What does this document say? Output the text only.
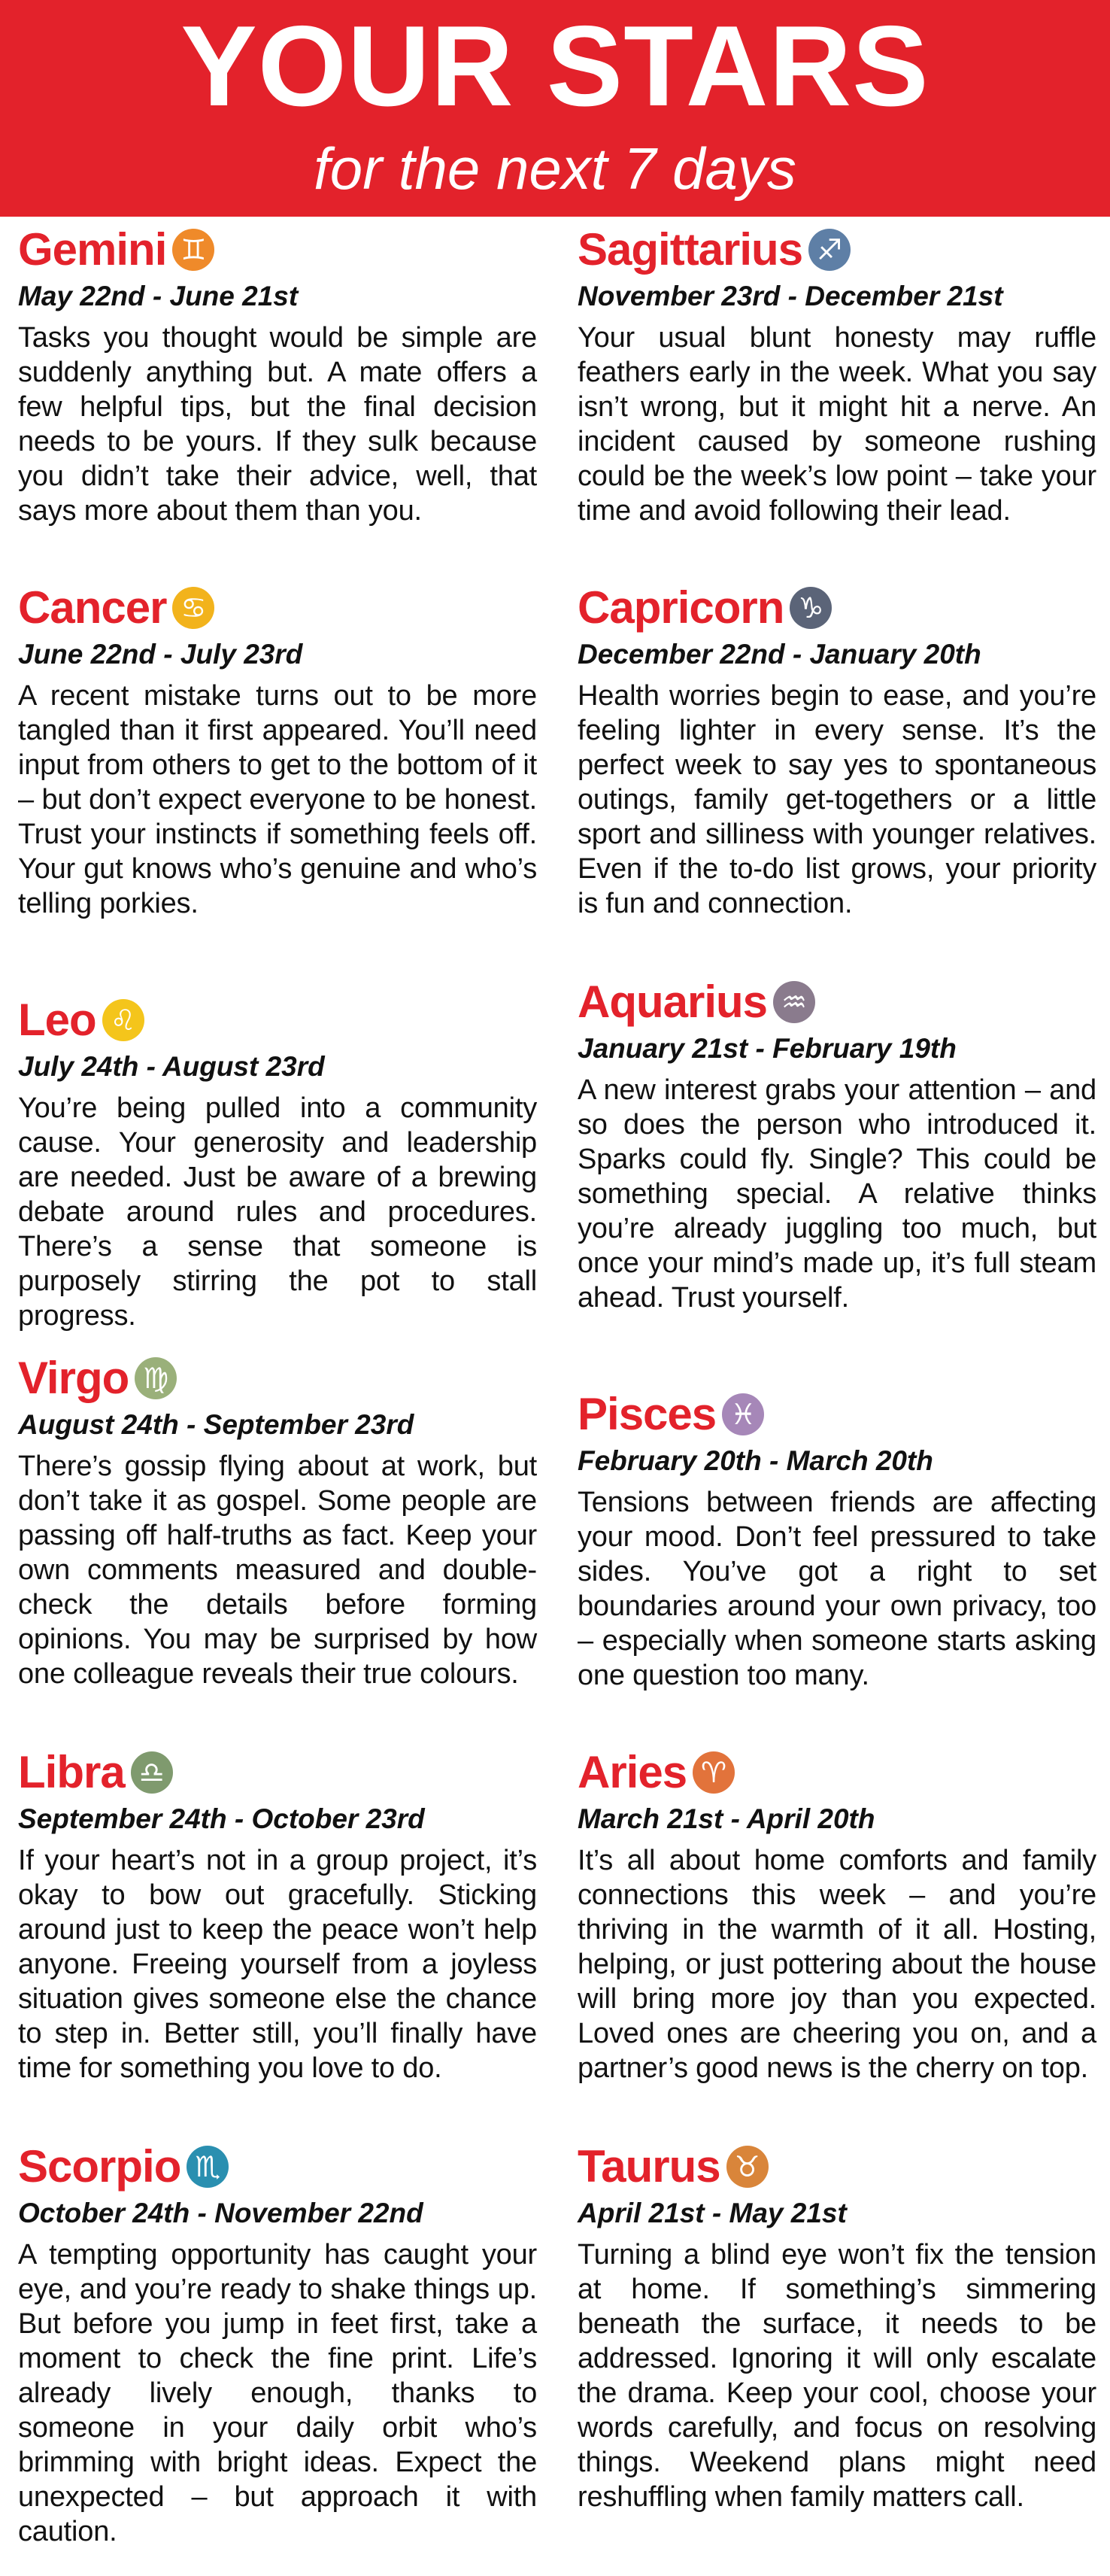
YOUR STARS
for the next 7 days
Gemini ♊
May 22nd - June 21st
Tasks you thought would be simple are suddenly anything but. A mate offers a few helpful tips, but the final decision needs to be yours. If they sulk because you didn’t take their advice, well, that says more about them than you.
Cancer ♋
June 22nd - July 23rd
A recent mistake turns out to be more tangled than it first appeared. You’ll need input from others to get to the bottom of it – but don’t expect everyone to be honest. Trust your instincts if something feels off. Your gut knows who’s genuine and who’s telling porkies.
Leo ♌
July 24th - August 23rd
You’re being pulled into a community cause. Your generosity and leadership are needed. Just be aware of a brewing debate around rules and procedures. There’s a sense that someone is purposely stirring the pot to stall progress.
Virgo ♍
August 24th - September 23rd
There’s gossip flying about at work, but don’t take it as gospel. Some people are passing off half-truths as fact. Keep your own comments measured and double-check the details before forming opinions. You may be surprised by how one colleague reveals their true colours.
Libra ♎
September 24th - October 23rd
If your heart’s not in a group project, it’s okay to bow out gracefully. Sticking around just to keep the peace won’t help anyone. Freeing yourself from a joyless situation gives someone else the chance to step in. Better still, you’ll finally have time for something you love to do.
Scorpio ♏
October 24th - November 22nd
A tempting opportunity has caught your eye, and you’re ready to shake things up. But before you jump in feet first, take a moment to check the fine print. Life’s already lively enough, thanks to someone in your daily orbit who’s brimming with bright ideas. Expect the unexpected – but approach it with caution.
Sagittarius ♐
November 23rd - December 21st
Your usual blunt honesty may ruffle feathers early in the week. What you say isn’t wrong, but it might hit a nerve. An incident caused by someone rushing could be the week’s low point – take your time and avoid following their lead.
Capricorn ♑
December 22nd - January 20th
Health worries begin to ease, and you’re feeling lighter in every sense. It’s the perfect week to say yes to spontaneous outings, family get-togethers or a little sport and silliness with younger relatives. Even if the to-do list grows, your priority is fun and connection.
Aquarius ♒
January 21st - February 19th
A new interest grabs your attention – and so does the person who introduced it. Sparks could fly. Single? This could be something special. A relative thinks you’re already juggling too much, but once your mind’s made up, it’s full steam ahead. Trust yourself.
Pisces ♓
February 20th - March 20th
Tensions between friends are affecting your mood. Don’t feel pressured to take sides. You’ve got a right to set boundaries around your own privacy, too – especially when someone starts asking one question too many.
Aries ♈
March 21st - April 20th
It’s all about home comforts and family connections this week – and you’re thriving in the warmth of it all. Hosting, helping, or just pottering about the house will bring more joy than you expected. Loved ones are cheering you on, and a partner’s good news is the cherry on top.
Taurus ♉
April 21st - May 21st
Turning a blind eye won’t fix the tension at home. If something’s simmering beneath the surface, it needs to be addressed. Ignoring it will only escalate the drama. Keep your cool, choose your words carefully, and focus on resolving things. Weekend plans might need reshuffling when family matters call.
